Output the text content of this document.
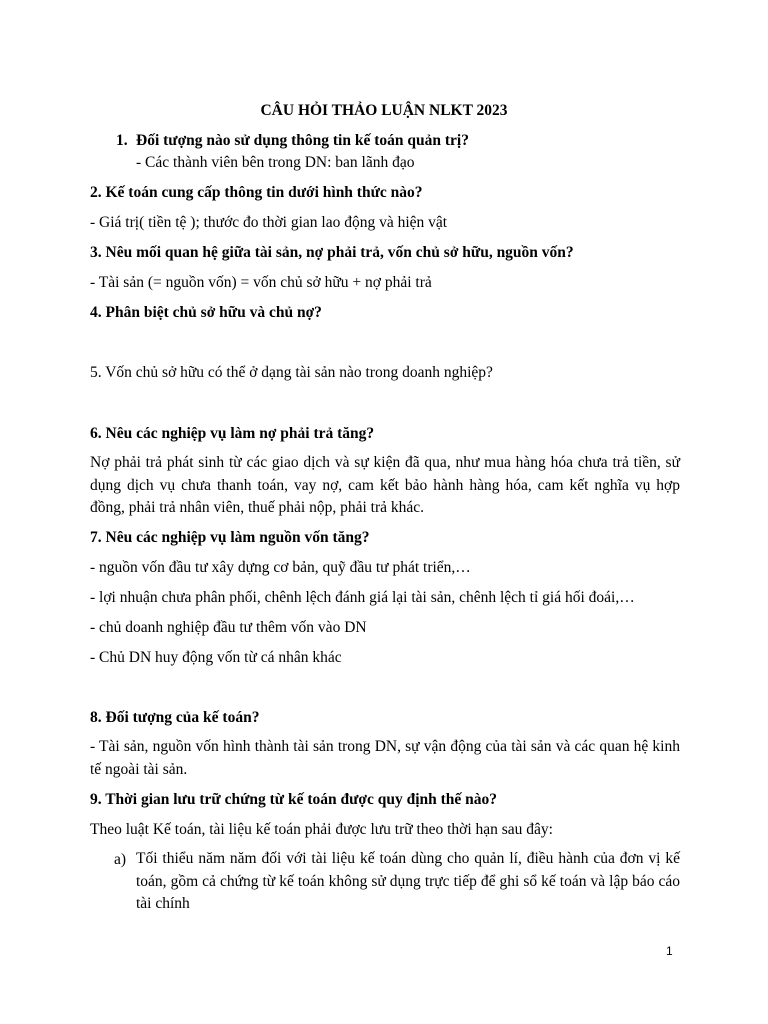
CÂU HỎI THẢO LUẬN NLKT 2023
1. Đối tượng nào sử dụng thông tin kế toán quản trị?
- Các thành viên bên trong DN: ban lãnh đạo
2. Kế toán cung cấp thông tin dưới hình thức nào?
- Giá trị( tiền tệ ); thước đo thời gian lao động và hiện vật
3. Nêu mối quan hệ giữa tài sản, nợ phải trả, vốn chủ sở hữu, nguồn vốn?
- Tài sản (= nguồn vốn) = vốn chủ sở hữu + nợ phải trả
4. Phân biệt chủ sở hữu và chủ nợ?
5. Vốn chủ sở hữu có thể ở dạng tài sản nào trong doanh nghiệp?
6. Nêu các nghiệp vụ làm nợ phải trả tăng?
Nợ phải trả phát sinh từ các giao dịch và sự kiện đã qua, như mua hàng hóa chưa trả tiền, sử dụng dịch vụ chưa thanh toán, vay nợ, cam kết bảo hành hàng hóa, cam kết nghĩa vụ hợp đồng, phải trả nhân viên, thuế phải nộp, phải trả khác.
7. Nêu các nghiệp vụ làm nguồn vốn tăng?
- nguồn vốn đầu tư xây dựng cơ bản, quỹ đầu tư phát triển,…
- lợi nhuận chưa phân phối, chênh lệch đánh giá lại tài sản, chênh lệch tỉ giá hối đoái,…
- chủ doanh nghiệp đầu tư thêm vốn vào DN
- Chủ DN huy động vốn từ cá nhân khác
8. Đối tượng của kế toán?
- Tài sản, nguồn vốn hình thành tài sản trong DN, sự vận động của tài sản và các quan hệ kinh tế ngoài tài sản.
9. Thời gian lưu trữ chứng từ kế toán được quy định thế nào?
Theo luật Kế toán, tài liệu kế toán phải được lưu trữ theo thời hạn sau đây:
a) Tối thiểu năm năm đối với tài liệu kế toán dùng cho quản lí, điều hành của đơn vị kế toán, gồm cả chứng từ kế toán không sử dụng trực tiếp để ghi sổ kế toán và lập báo cáo tài chính
1
